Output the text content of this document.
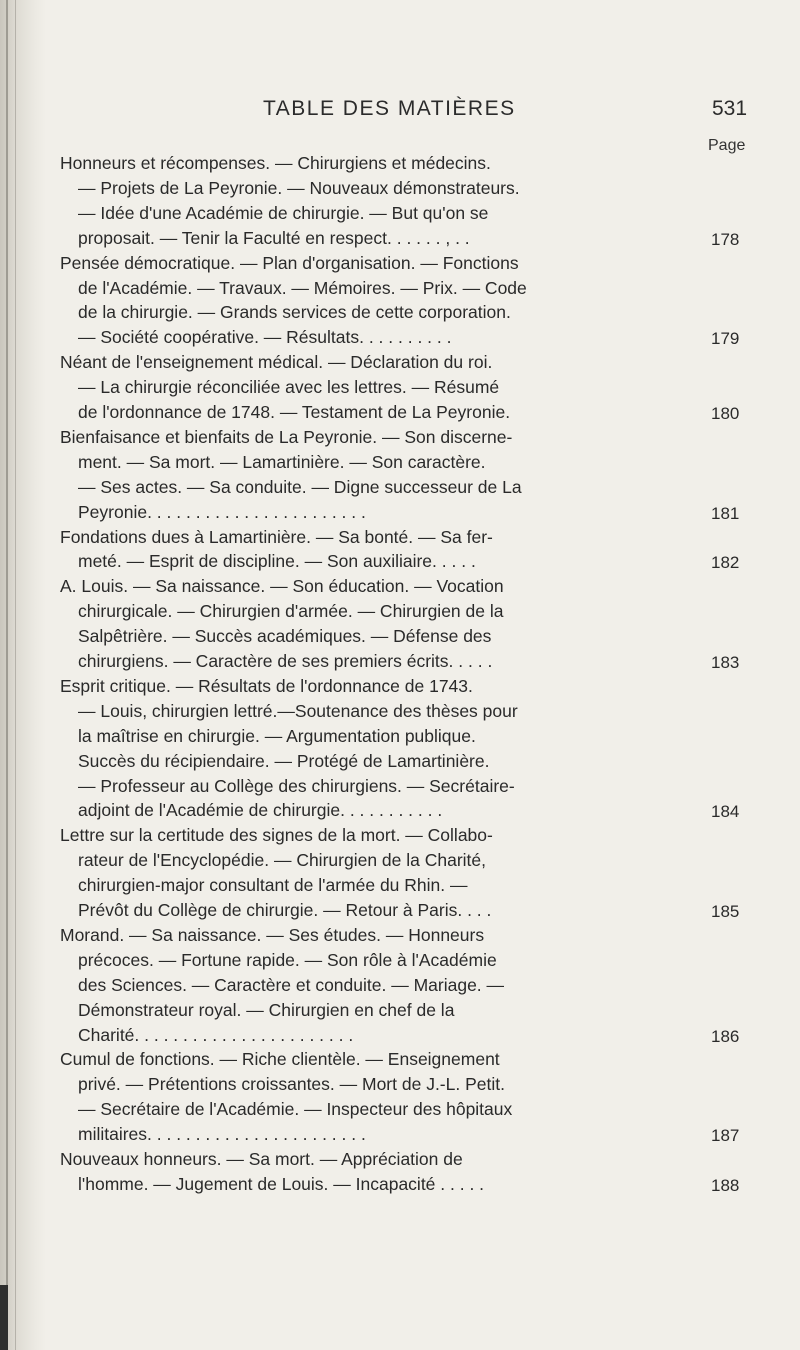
TABLE DES MATIÈRES	531
Page
Honneurs et récompenses. — Chirurgiens et médecins.
— Projets de La Peyronie. — Nouveaux démonstrateurs.
— Idée d'une Académie de chirurgie. — But qu'on se
proposait. — Tenir la Faculté en respect. . . . . . , . .	178
Pensée démocratique. — Plan d'organisation. — Fonctions
de l'Académie. — Travaux. — Mémoires. — Prix. — Code
de la chirurgie. — Grands services de cette corporation.
— Société coopérative. — Résultats. . . . . . . . . .	179
Néant de l'enseignement médical. — Déclaration du roi.
— La chirurgie réconciliée avec les lettres. — Résumé
de l'ordonnance de 1748. — Testament de La Peyronie.	180
Bienfaisance et bienfaits de La Peyronie. — Son discerne-
ment. — Sa mort. — Lamartinière. — Son caractère.
— Ses actes. — Sa conduite. — Digne successeur de La
Peyronie. . . . . . . . . . . . . . . . . . . . . . .	181
Fondations dues à Lamartinière. — Sa bonté. — Sa fer-
meté. — Esprit de discipline. — Son auxiliaire. . . . .	182
A. Louis. — Sa naissance. — Son éducation. — Vocation
chirurgicale. — Chirurgien d'armée. — Chirurgien de la
Salpêtrière. — Succès académiques. — Défense des
chirurgiens. — Caractère de ses premiers écrits. . . . .	183
Esprit critique. — Résultats de l'ordonnance de 1743.
— Louis, chirurgien lettré.—Soutenance des thèses pour
la maîtrise en chirurgie. — Argumentation publique.
Succès du récipiendaire. — Protégé de Lamartinière.
— Professeur au Collège des chirurgiens. — Secrétaire-
adjoint de l'Académie de chirurgie. . . . . . . . . . .	184
Lettre sur la certitude des signes de la mort. — Collabo-
rateur de l'Encyclopédie. — Chirurgien de la Charité,
chirurgien-major consultant de l'armée du Rhin. —
Prévôt du Collège de chirurgie. — Retour à Paris. . . .	185
Morand. — Sa naissance. — Ses études. — Honneurs
précoces. — Fortune rapide. — Son rôle à l'Académie
des Sciences. — Caractère et conduite. — Mariage. —
Démonstrateur royal. — Chirurgien en chef de la
Charité. . . . . . . . . . . . . . . . . . . . . . .	186
Cumul de fonctions. — Riche clientèle. — Enseignement
privé. — Prétentions croissantes. — Mort de J.-L. Petit.
— Secrétaire de l'Académie. — Inspecteur des hôpitaux
militaires. . . . . . . . . . . . . . . . . . . . . . .	187
Nouveaux honneurs. — Sa mort. — Appréciation de
l'homme. — Jugement de Louis. — Incapacité . . . . .	188
